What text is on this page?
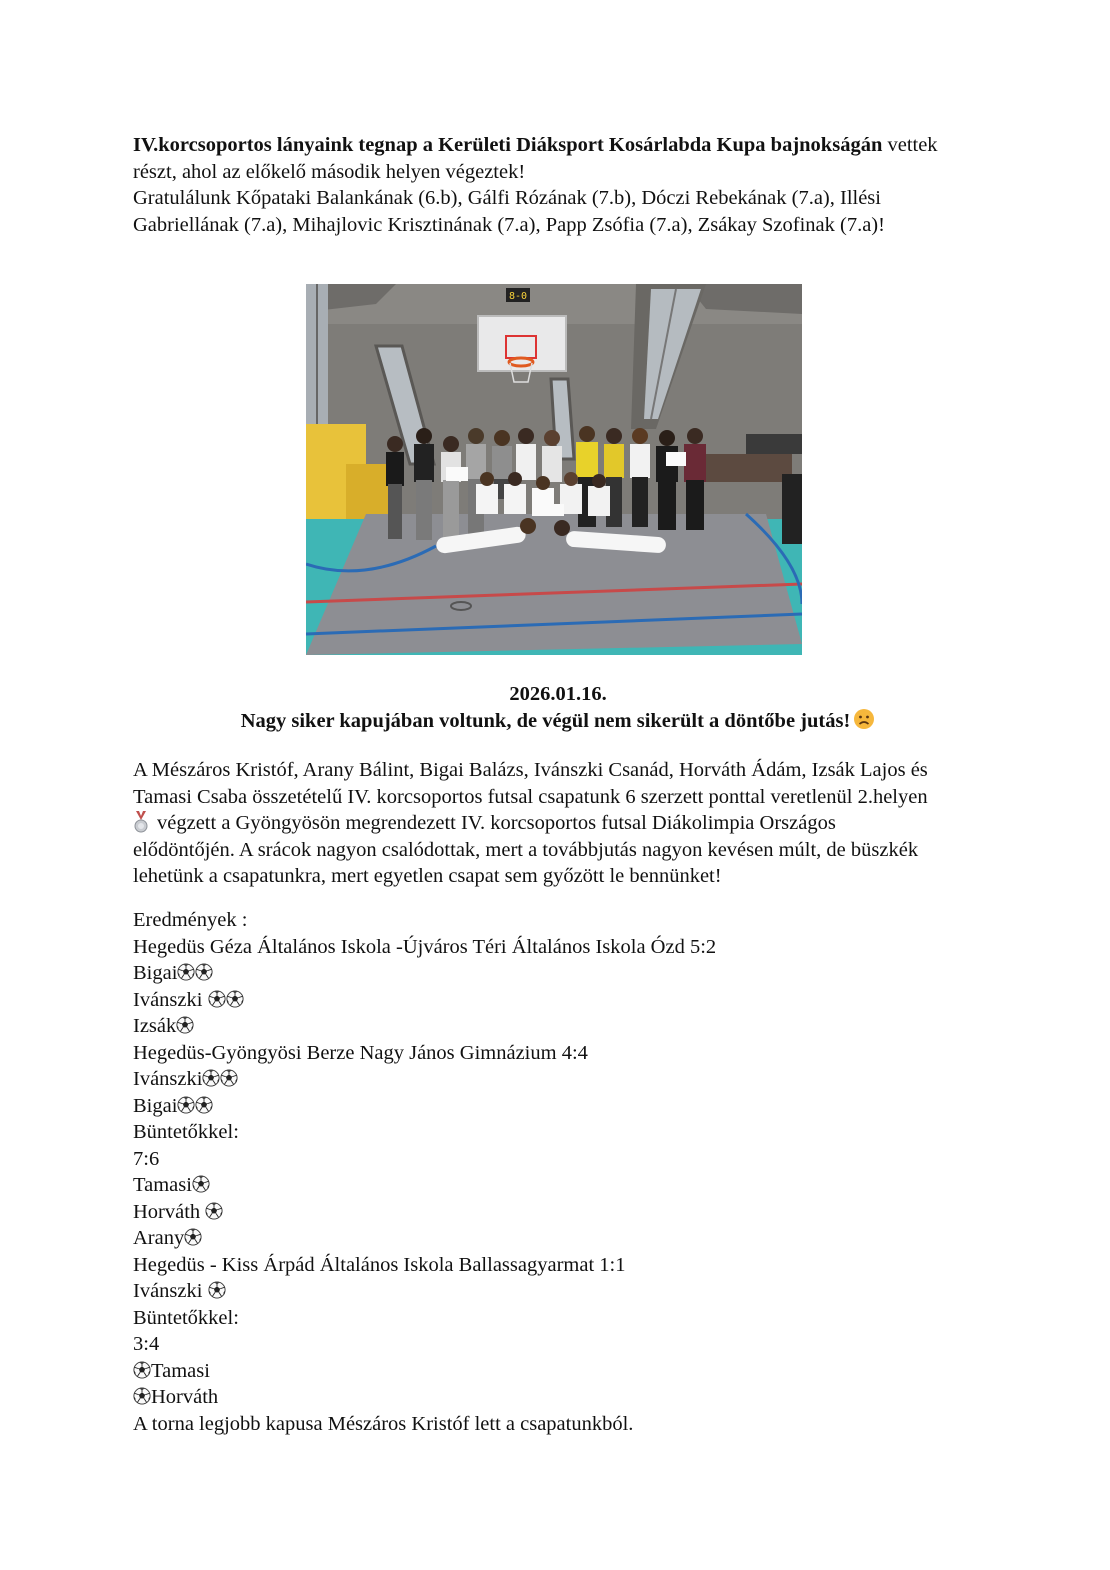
IV.korcsoportos lányaink tegnap a Kerületi Diáksport Kosárlabda Kupa bajnokságán vettek
részt, ahol az előkelő második helyen végeztek!
Gratulálunk Kőpataki Balankának (6.b), Gálfi Rózának (7.b), Dóczi Rebekának (7.a), Illési
Gabriellának (7.a), Mihajlovic Krisztinának (7.a), Papp Zsófia (7.a), Zsákay Szofinak (7.a)!
8-0
2026.01.16.
Nagy siker kapujában voltunk, de végül nem sikerült a döntőbe jutás!
A Mészáros Kristóf, Arany Bálint, Bigai Balázs, Ivánszki Csanád, Horváth Ádám, Izsák Lajos és
Tamasi Csaba összetételű IV. korcsoportos futsal csapatunk 6 szerzett ponttal veretlenül 2.helyen
végzett a Gyöngyösön megrendezett IV. korcsoportos futsal Diákolimpia Országos
elődöntőjén. A srácok nagyon csalódottak, mert a továbbjutás nagyon kevésen múlt, de büszkék
lehetünk a csapatunkra, mert egyetlen csapat sem győzött le bennünket!
Eredmények :
Hegedüs Géza Általános Iskola -Újváros Téri Általános Iskola Ózd 5:2
Bigai
Ivánszki
Izsák
Hegedüs-Gyöngyösi Berze Nagy János Gimnázium 4:4
Ivánszki
Bigai
Büntetőkkel:
7:6
Tamasi
Horváth
Arany
Hegedüs - Kiss Árpád Általános Iskola Ballassagyarmat 1:1
Ivánszki
Büntetőkkel:
3:4
Tamasi
Horváth
A torna legjobb kapusa Mészáros Kristóf lett a csapatunkból.
